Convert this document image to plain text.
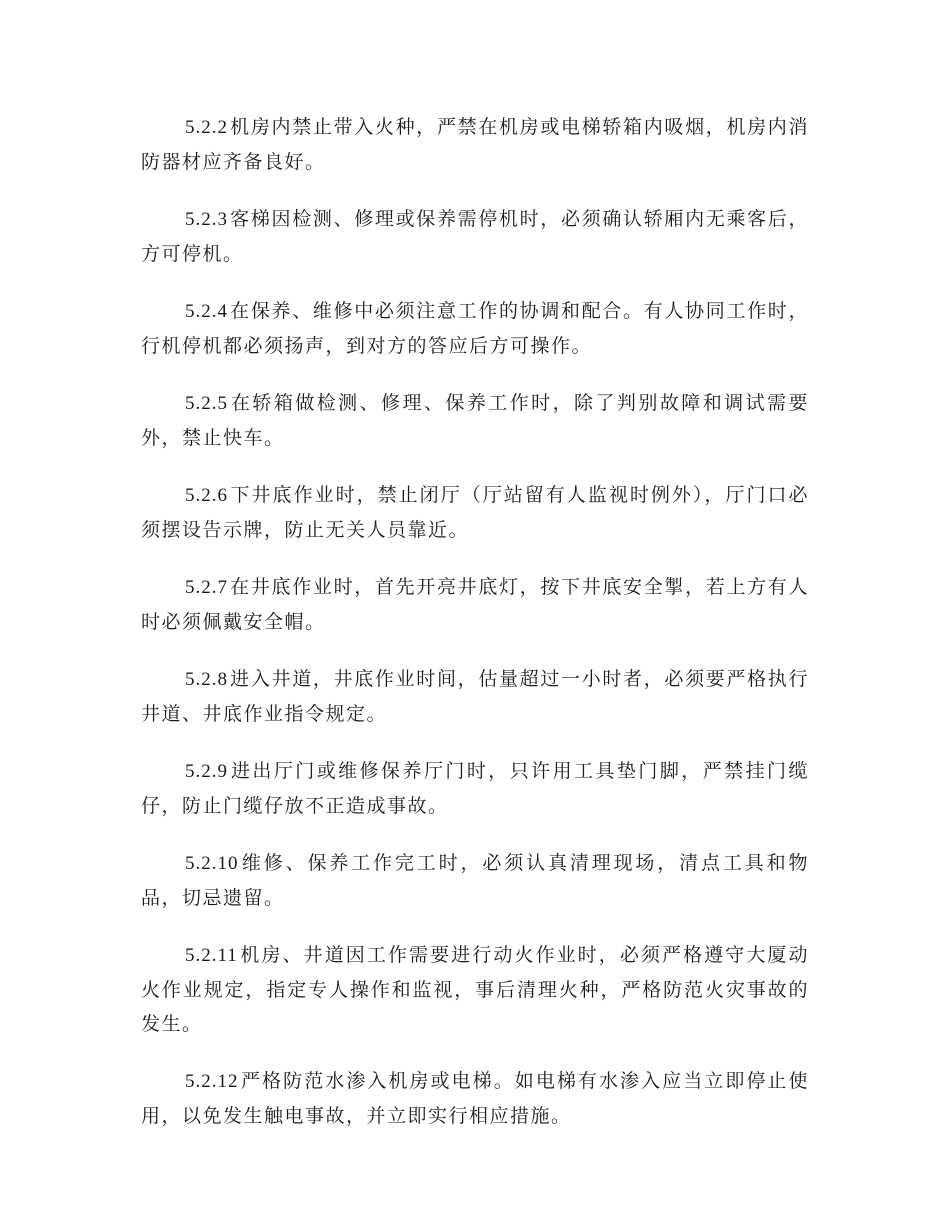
5.2.2 机房内禁止带入火种，严禁在机房或电梯轿箱内吸烟，机房内消防器材应齐备良好。

5.2.3 客梯因检测、修理或保养需停机时，必须确认轿厢内无乘客后，方可停机。

5.2.4 在保养、维修中必须注意工作的协调和配合。有人协同工作时，行机停机都必须扬声，到对方的答应后方可操作。

5.2.5 在轿箱做检测、修理、保养工作时，除了判别故障和调试需要外，禁止快车。

5.2.6 下井底作业时，禁止闭厅（厅站留有人监视时例外），厅门口必须摆设告示牌，防止无关人员靠近。

5.2.7 在井底作业时，首先开亮井底灯，按下井底安全掣，若上方有人时必须佩戴安全帽。

5.2.8 进入井道，井底作业时间，估量超过一小时者，必须要严格执行井道、井底作业指令规定。

5.2.9 进出厅门或维修保养厅门时，只许用工具垫门脚，严禁挂门缆仔，防止门缆仔放不正造成事故。

5.2.10 维修、保养工作完工时，必须认真清理现场，清点工具和物品，切忌遗留。

5.2.11 机房、井道因工作需要进行动火作业时，必须严格遵守大厦动火作业规定，指定专人操作和监视，事后清理火种，严格防范火灾事故的发生。

5.2.12 严格防范水渗入机房或电梯。如电梯有水渗入应当立即停止使用，以免发生触电事故，并立即实行相应措施。
